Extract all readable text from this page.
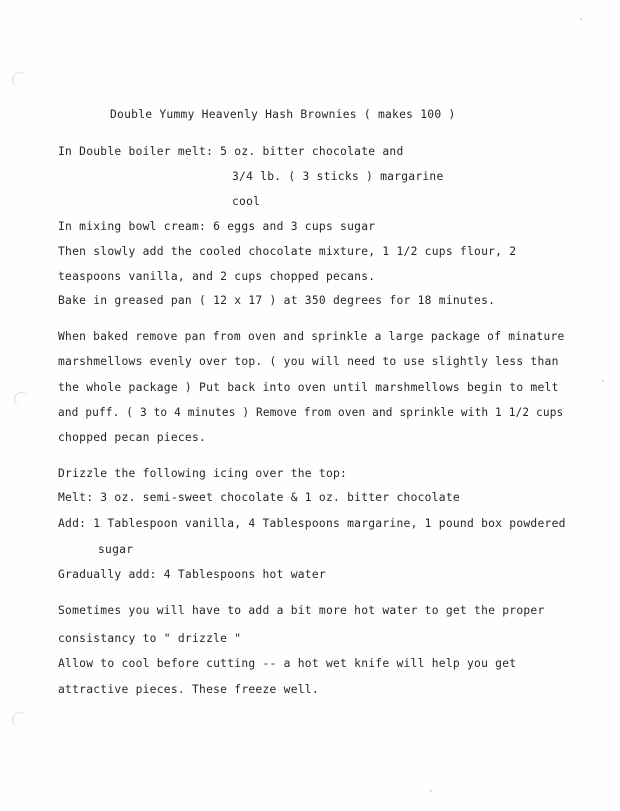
Double Yummy Heavenly Hash Brownies ( makes 100 )
In Double boiler melt: 5 oz. bitter chocolate and
3/4 lb. ( 3 sticks ) margarine
cool
In mixing bowl cream: 6 eggs and 3 cups sugar
Then slowly add the cooled chocolate mixture, 1 1/2 cups flour, 2
teaspoons vanilla, and 2 cups chopped pecans.
Bake in greased pan ( 12 x 17 ) at 350 degrees for 18 minutes.
When baked remove pan from oven and sprinkle a large package of minature
marshmellows evenly over top. ( you will need to use slightly less than
the whole package ) Put back into oven until marshmellows begin to melt
and puff. ( 3 to 4 minutes ) Remove from oven and sprinkle with 1 1/2 cups
chopped pecan pieces.
Drizzle the following icing over the top:
Melt: 3 oz. semi-sweet chocolate & 1 oz. bitter chocolate
Add: 1 Tablespoon vanilla, 4 Tablespoons margarine, 1 pound box powdered
sugar
Gradually add: 4 Tablespoons hot water
Sometimes you will have to add a bit more hot water to get the proper
consistancy to " drizzle "
Allow to cool before cutting -- a hot wet knife will help you get
attractive pieces. These freeze well.
